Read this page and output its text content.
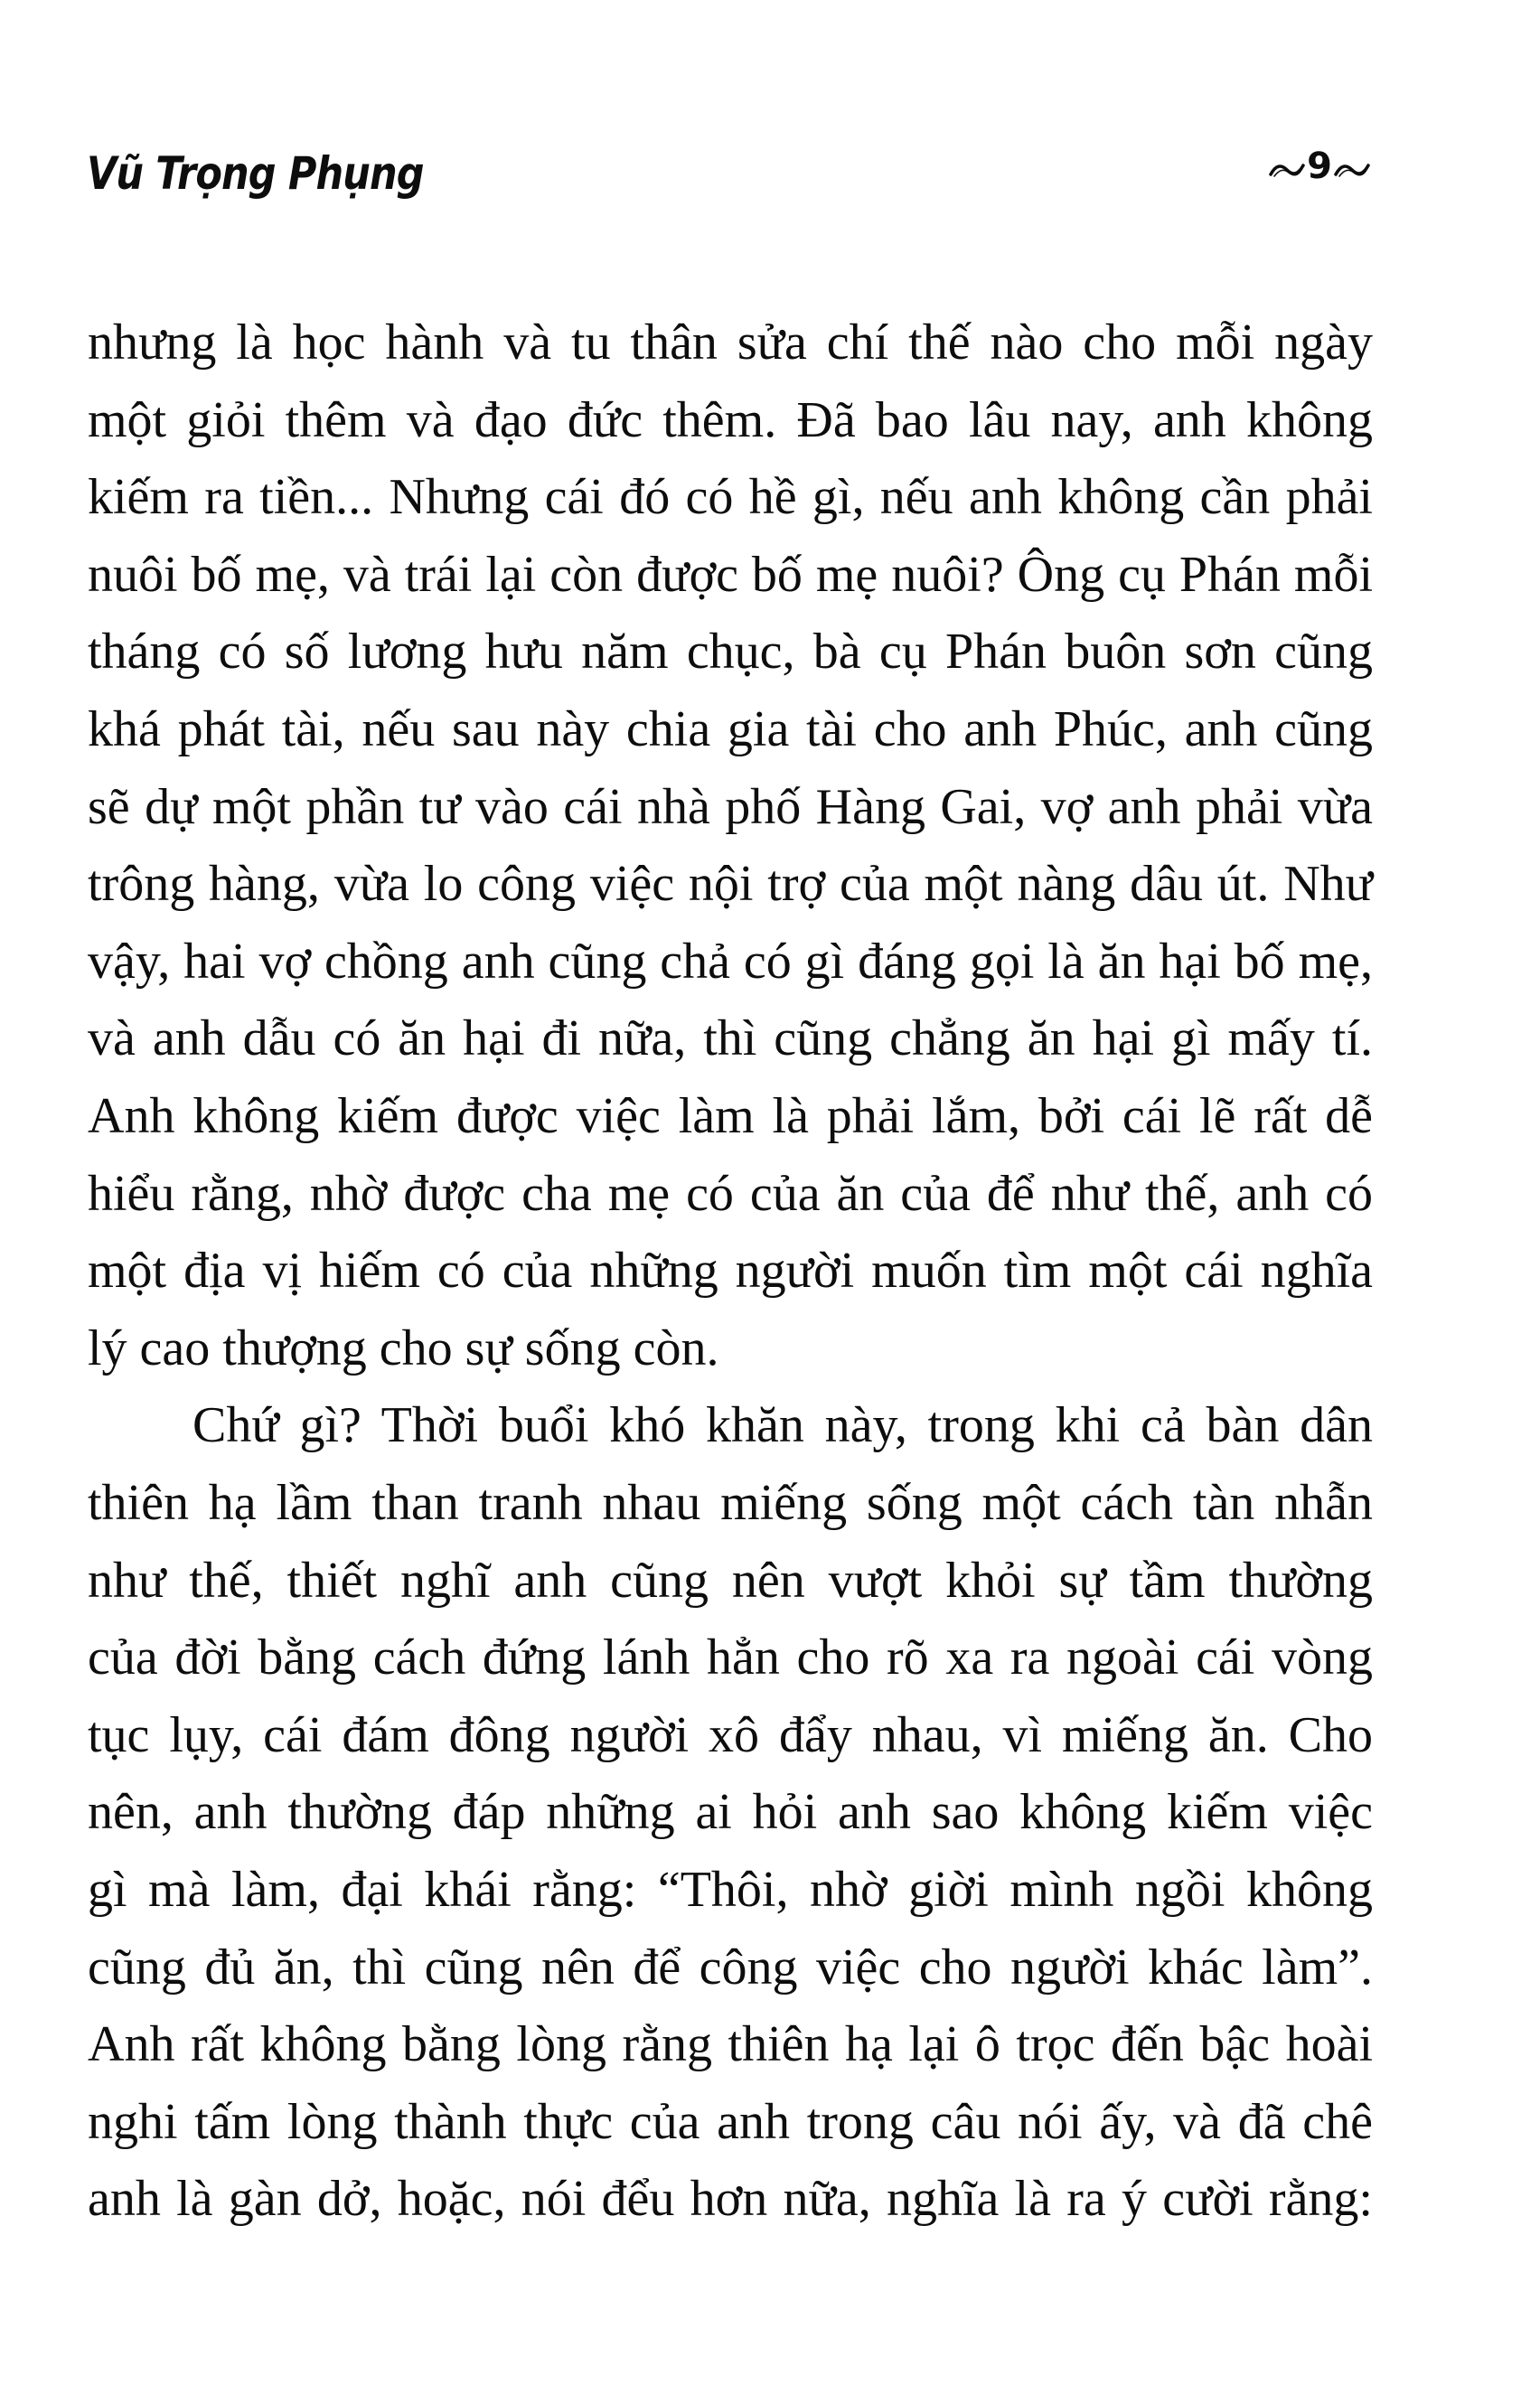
Vũ Trọng Phụng	9
nhưng là học hành và tu thân sửa chí thế nào cho mỗi ngày
một giỏi thêm và đạo đức thêm. Đã bao lâu nay, anh không
kiếm ra tiền... Nhưng cái đó có hề gì, nếu anh không cần phải
nuôi bố mẹ, và trái lại còn được bố mẹ nuôi? Ông cụ Phán mỗi
tháng có số lương hưu năm chục, bà cụ Phán buôn sơn cũng
khá phát tài, nếu sau này chia gia tài cho anh Phúc, anh cũng
sẽ dự một phần tư vào cái nhà phố Hàng Gai, vợ anh phải vừa
trông hàng, vừa lo công việc nội trợ của một nàng dâu út. Như
vậy, hai vợ chồng anh cũng chả có gì đáng gọi là ăn hại bố mẹ,
và anh dẫu có ăn hại đi nữa, thì cũng chẳng ăn hại gì mấy tí.
Anh không kiếm được việc làm là phải lắm, bởi cái lẽ rất dễ
hiểu rằng, nhờ được cha mẹ có của ăn của để như thế, anh có
một địa vị hiếm có của những người muốn tìm một cái nghĩa
lý cao thượng cho sự sống còn.
Chứ gì? Thời buổi khó khăn này, trong khi cả bàn dân
thiên hạ lầm than tranh nhau miếng sống một cách tàn nhẫn
như thế, thiết nghĩ anh cũng nên vượt khỏi sự tầm thường
của đời bằng cách đứng lánh hẳn cho rõ xa ra ngoài cái vòng
tục lụy, cái đám đông người xô đẩy nhau, vì miếng ăn. Cho
nên, anh thường đáp những ai hỏi anh sao không kiếm việc
gì mà làm, đại khái rằng: “Thôi, nhờ giời mình ngồi không
cũng đủ ăn, thì cũng nên để công việc cho người khác làm”.
Anh rất không bằng lòng rằng thiên hạ lại ô trọc đến bậc hoài
nghi tấm lòng thành thực của anh trong câu nói ấy, và đã chê
anh là gàn dở, hoặc, nói đểu hơn nữa, nghĩa là ra ý cười rằng:
